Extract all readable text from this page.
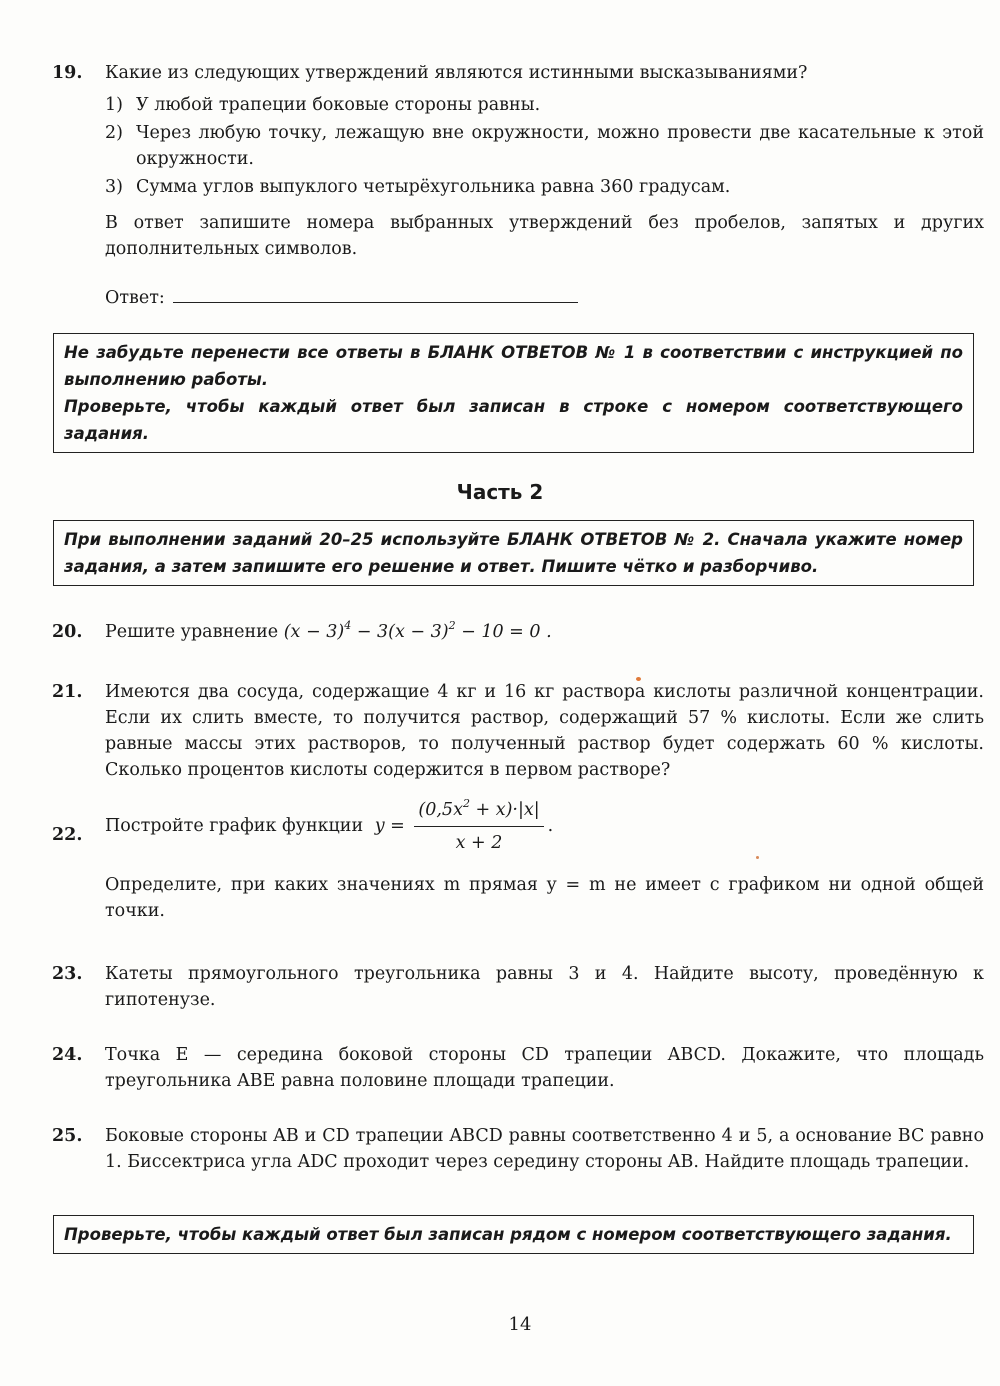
19. Какие из следующих утверждений являются истинными высказываниями?

1) У любой трапеции боковые стороны равны.
2) Через любую точку, лежащую вне окружности, можно провести две касательные к этой окружности.
3) Сумма углов выпуклого четырёхугольника равна 360 градусам.

В ответ запишите номера выбранных утверждений без пробелов, запятых и других дополнительных символов.

Ответ:

Не забудьте перенести все ответы в БЛАНК ОТВЕТОВ № 1 в соответствии с инструкцией по выполнению работы.

Проверьте, чтобы каждый ответ был записан в строке с номером соответствующего задания.

Часть 2

При выполнении заданий 20–25 используйте БЛАНК ОТВЕТОВ № 2. Сначала укажите номер задания, а затем запишите его решение и ответ. Пишите чётко и разборчиво.

20. Решите уравнение $(x - 3)^4 - 3(x - 3)^2 - 10 = 0$ .
21. Имеются два сосуда, содержащие 4 кг и 16 кг раствора кислоты различной концентрации. Если их слить вместе, то получится раствор, содержащий 57 % кислоты. Если же слить равные массы этих растворов, то полученный раствор будет содержать 60 % кислоты. Сколько процентов кислоты содержится в первом растворе?

22. Постройте график функции $y = \frac{(0,5x^2 + x)\cdot|x|}{x + 2}$ .

Определите, при каких значениях m прямая y = m не имеет с графиком ни одной общей точки.

23. Катеты прямоугольного треугольника равны 3 и 4. Найдите высоту, проведённую к гипотенузе.

24. Точка E — середина боковой стороны CD трапеции ABCD. Докажите, что площадь треугольника ABE равна половине площади трапеции.

25. Боковые стороны AB и CD трапеции ABCD равны соответственно 4 и 5, а основание BC равно 1. Биссектриса угла ADC проходит через середину стороны AB. Найдите площадь трапеции.

Проверьте, чтобы каждый ответ был записан рядом с номером соответствующего задания.

14
